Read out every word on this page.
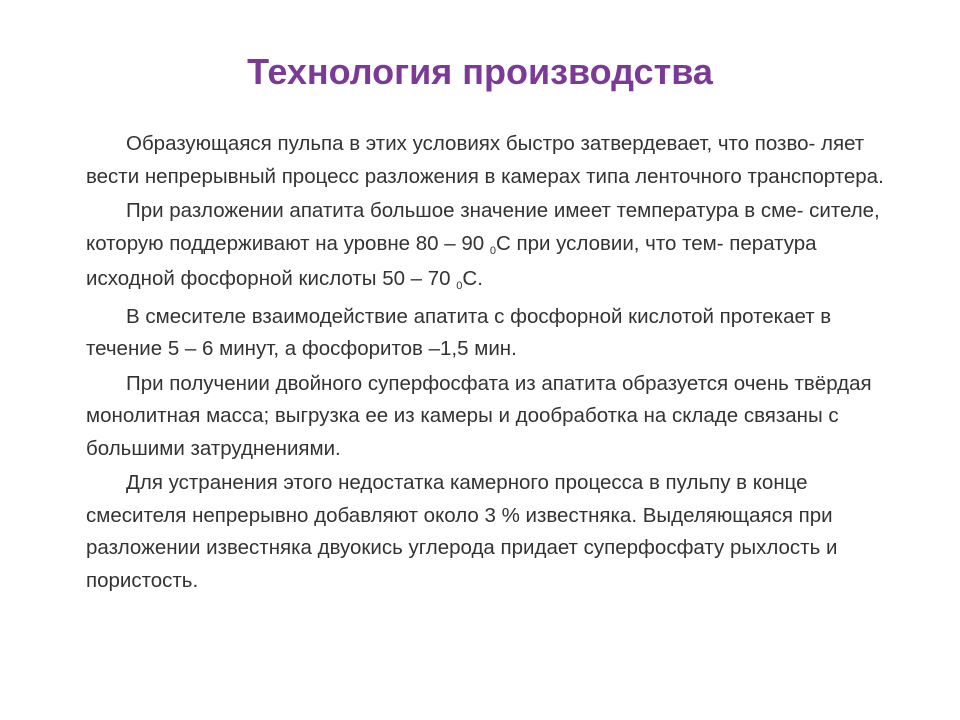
Технология производства

Образующаяся пульпа в этих условиях быстро затвердевает, что позво- ляет вести непрерывный процесс разложения в камерах типа ленточного транспортера.

При разложении апатита большое значение имеет температура в сме- сителе, которую поддерживают на уровне 80 – 90 $^0$С при условии, что тем- пература исходной фосфорной кислоты 50 – 70 $^0$С.

В смесителе взаимодействие апатита с фосфорной кислотой протекает в течение 5 – 6 минут, а фосфоритов –1,5 мин.

При получении двойного суперфосфата из апатита образуется очень твёрдая монолитная масса; выгрузка ее из камеры и дообработка на складе связаны с большими затруднениями.

Для устранения этого недостатка камерного процесса в пульпу в конце смесителя непрерывно добавляют около 3 % известняка. Выделяющаяся при разложении известняка двуокись углерода придает суперфосфату рыхлость и пористость.
